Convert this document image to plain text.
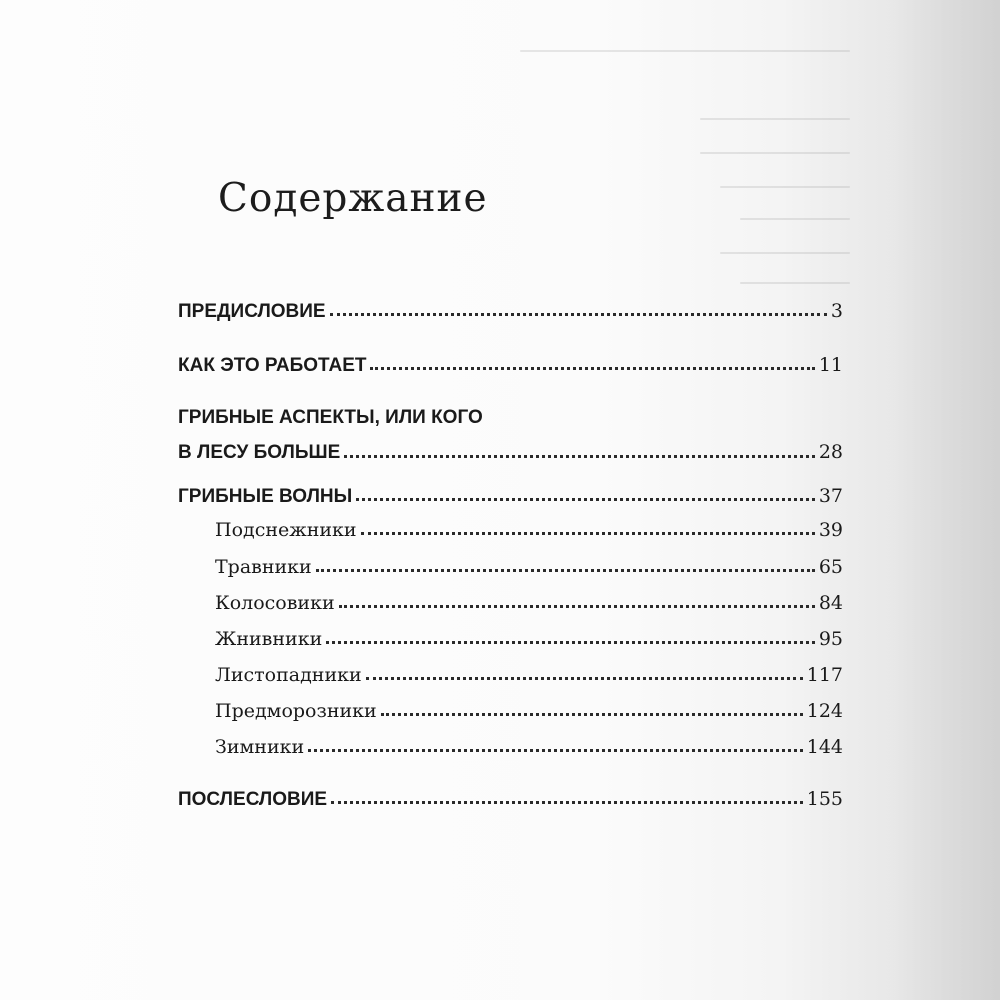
Содержание
ПРЕДИСЛОВИЕ	3
КАК ЭТО РАБОТАЕТ	11
ГРИБНЫЕ АСПЕКТЫ, ИЛИ КОГО
В ЛЕСУ БОЛЬШЕ	28
ГРИБНЫЕ ВОЛНЫ	37
Подснежники	39
Травники	65
Колосовики	84
Жнивники	95
Листопадники	117
Предморозники	124
Зимники	144
ПОСЛЕСЛОВИЕ	155
